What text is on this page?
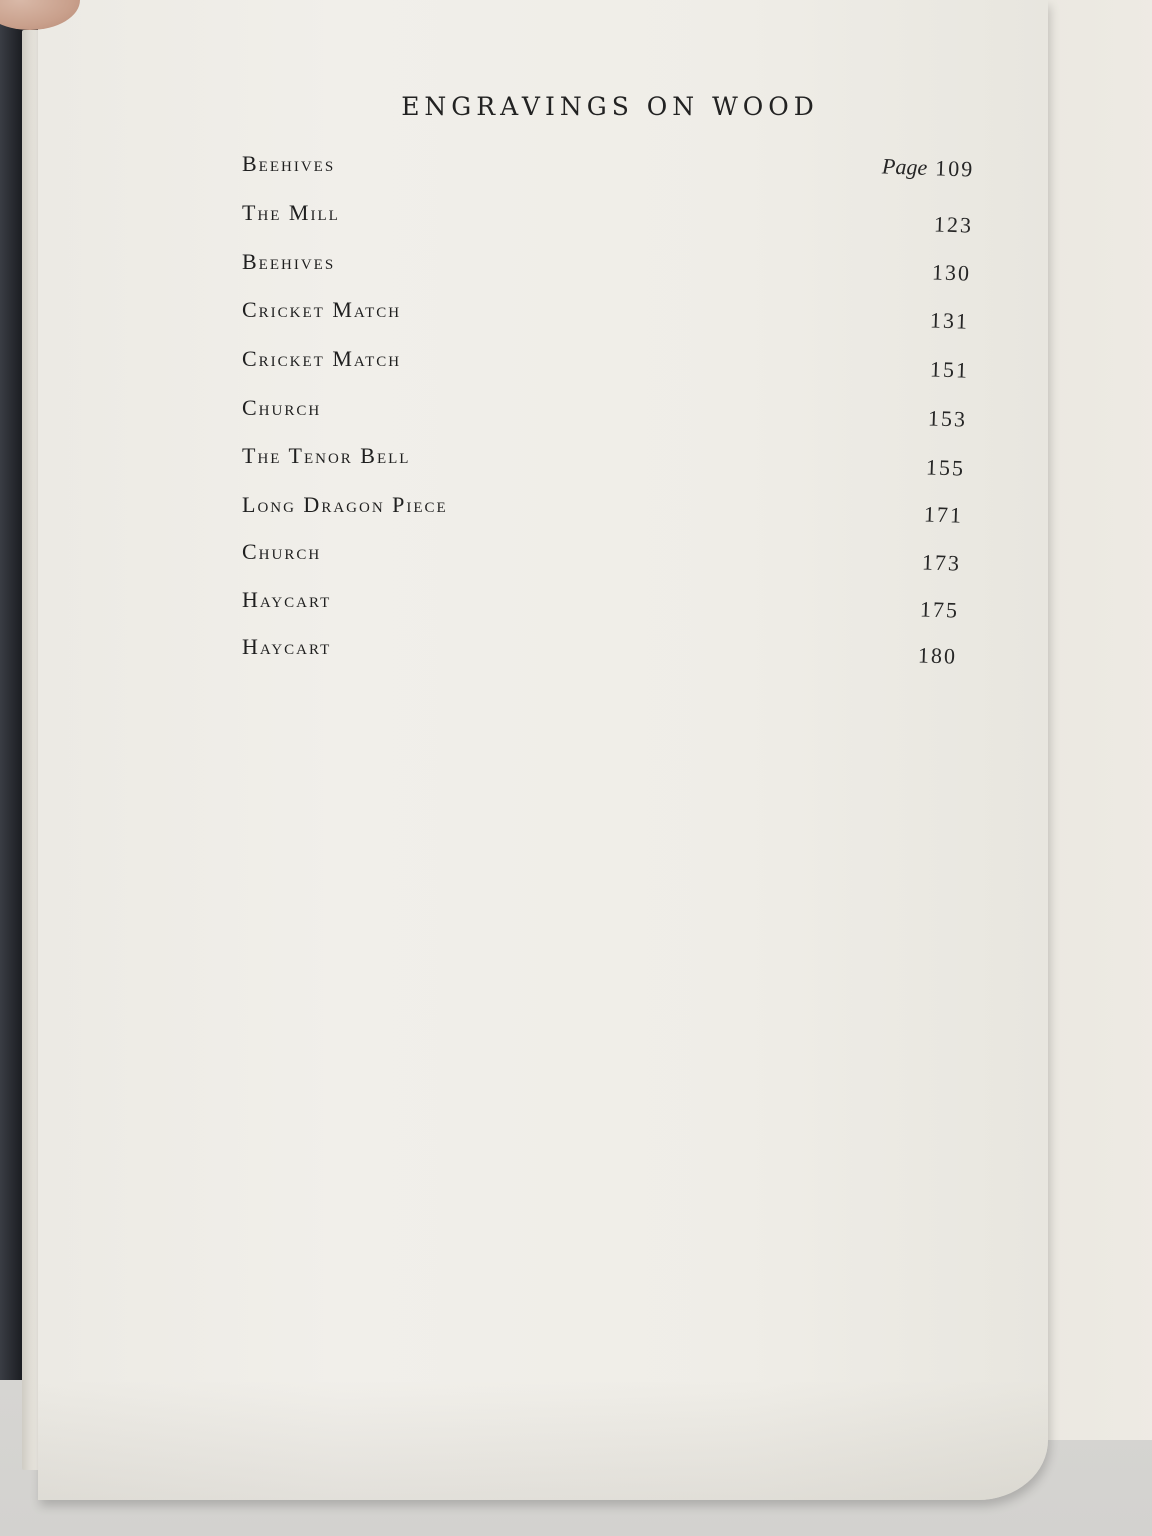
ENGRAVINGS ON WOOD
Beehives	Page 109
The Mill	123
Beehives	130
Cricket Match	131
Cricket Match	151
Church	153
The Tenor Bell	155
Long Dragon Piece	171
Church	173
Haycart	175
Haycart	180
